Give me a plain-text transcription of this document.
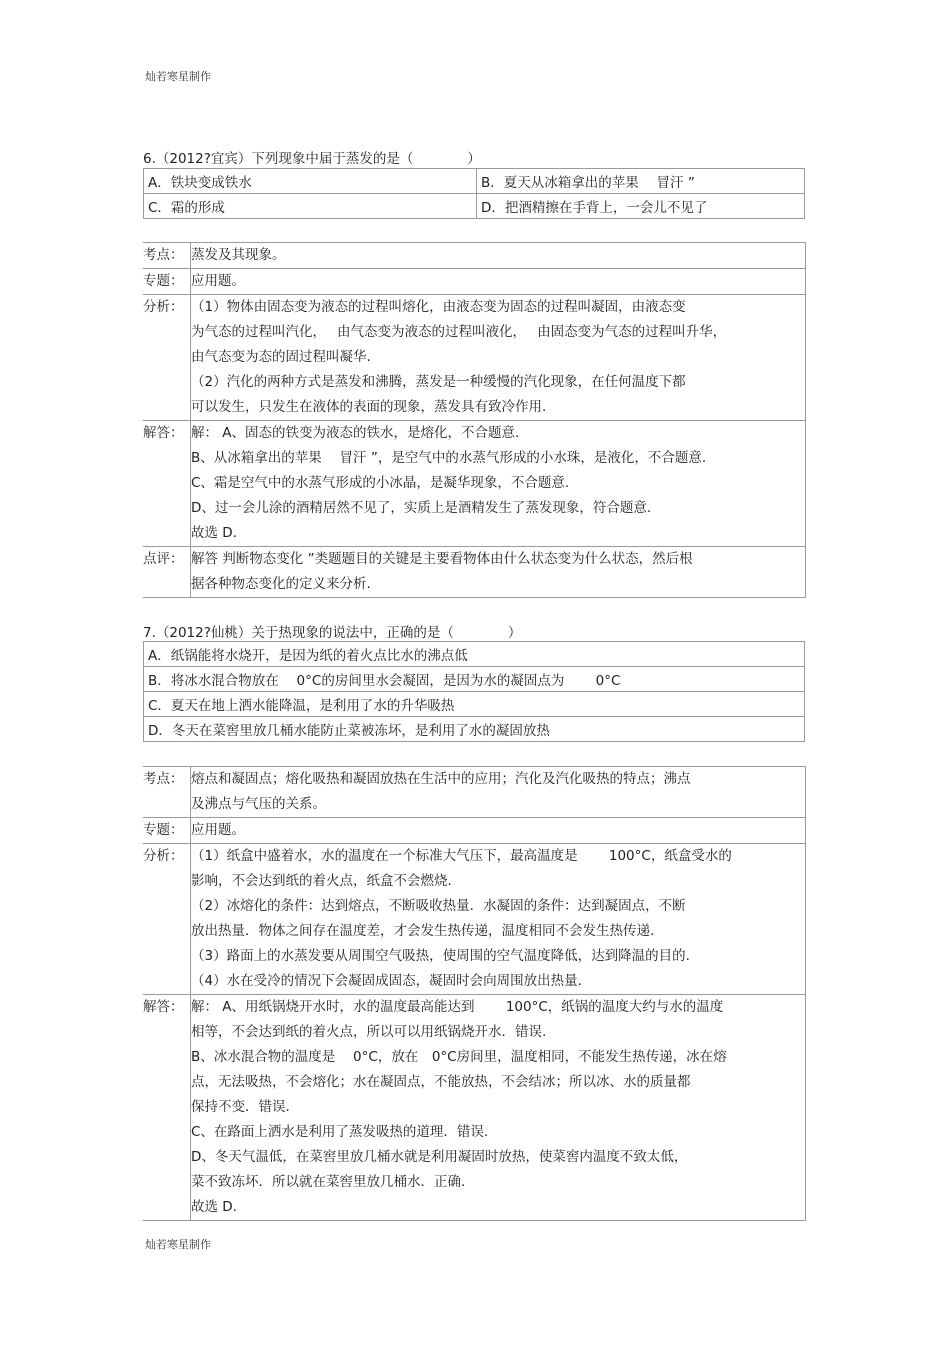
灿若寒星制作
6.（2012?宜宾）下列现象中届于蒸发的是（　　　　）
A．铁块变成铁水	B．夏天从冰箱拿出的苹果　 冒汗 ”
C．霜的形成	D．把酒精擦在手背上，一会儿不见了
考点： 蒸发及其现象。
专题： 应用题。
分析： （1）物体由固态变为液态的过程叫熔化，由液态变为固态的过程叫凝固，由液态变
为气态的过程叫汽化，　 由气态变为液态的过程叫液化，　 由固态变为气态的过程叫升华，
由气态变为态的固过程叫凝华.
（2）汽化的两种方式是蒸发和沸腾，蒸发是一种缓慢的汽化现象，在任何温度下都
可以发生，只发生在液体的表面的现象，蒸发具有致冷作用.
解答： 解： A、固态的铁变为液态的铁水，是熔化，不合题意.
B、从冰箱拿出的苹果　 冒汗 ”，是空气中的水蒸气形成的小水珠，是液化，不合题意.
C、霜是空气中的水蒸气形成的小冰晶，是凝华现象，不合题意.
D、过一会儿涂的酒精居然不见了，实质上是酒精发生了蒸发现象，符合题意.
故选 D.
点评： 解答 判断物态变化 ”类题题目的关键是主要看物体由什么状态变为什么状态，然后根
据各种物态变化的定义来分析.
7.（2012?仙桃）关于热现象的说法中，正确的是（　　　　）
A．纸锅能将水烧开，是因为纸的着火点比水的沸点低
B．将冰水混合物放在　 0°C的房间里水会凝固，是因为水的凝固点为　　 0°C
C．夏天在地上洒水能降温，是利用了水的升华吸热
D．冬天在菜窖里放几桶水能防止菜被冻坏，是利用了水的凝固放热
考点： 熔点和凝固点；熔化吸热和凝固放热在生活中的应用；汽化及汽化吸热的特点；沸点
及沸点与气压的关系。
专题： 应用题。
分析： （1）纸盒中盛着水，水的温度在一个标准大气压下，最高温度是　　 100°C，纸盒受水的
影响，不会达到纸的着火点，纸盒不会燃烧.
（2）冰熔化的条件：达到熔点，不断吸收热量．水凝固的条件：达到凝固点，不断
放出热量．物体之间存在温度差，才会发生热传递，温度相同不会发生热传递.
（3）路面上的水蒸发要从周围空气吸热，使周围的空气温度降低，达到降温的目的.
（4）水在受冷的情况下会凝固成固态，凝固时会向周围放出热量.
解答： 解： A、用纸锅烧开水时，水的温度最高能达到　　 100°C，纸锅的温度大约与水的温度
相等，不会达到纸的着火点，所以可以用纸锅烧开水．错误.
B、冰水混合物的温度是　 0°C，放在　0°C房间里，温度相同，不能发生热传递，冰在熔
点，无法吸热，不会熔化；水在凝固点，不能放热，不会结冰；所以冰、水的质量都
保持不变．错误.
C、在路面上洒水是利用了蒸发吸热的道理．错误.
D、冬天气温低，在菜窖里放几桶水就是利用凝固时放热，使菜窖内温度不致太低，
菜不致冻坏．所以就在菜窖里放几桶水．正确.
故选 D.
灿若寒星制作
